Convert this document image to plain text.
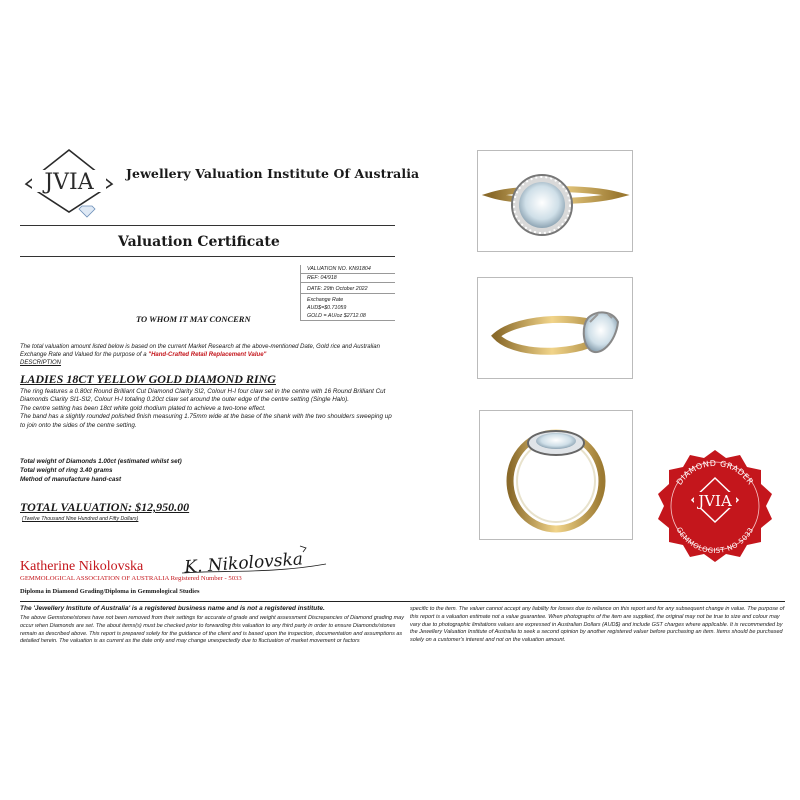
JVIA	Jewellery Valuation Institute Of Australia
Valuation Certificate
VALUATION NO. KN91804
REF: 04/918
DATE: 29th October 2022
Exchange Rate
AUD$=$0.71059
GOLD = AU/oz $2712.08
TO WHOM IT MAY CONCERN
The total valuation amount listed below is based on the current Market Research at the above-mentioned Date, Gold rice and Australian Exchange Rate and Valued for the purpose of a "Hand-Crafted Retail Replacement Value"
DESCRIPTION
LADIES 18CT YELLOW GOLD DIAMOND RING
The ring features a 0.80ct Round Brilliant Cut Diamond Clarity SI2, Colour H-I four claw set in the centre with 16 Round Brilliant Cut Diamonds Clarity SI1-SI2, Colour H-I totaling 0.20ct claw set around the outer edge of the centre setting (Single Halo).
The centre setting has been 18ct white gold rhodium plated to achieve a two-tone effect.
The band has a slightly rounded polished finish measuring 1.75mm wide at the base of the shank with the two shoulders sweeping up to join onto the sides of the centre setting.
Total weight of Diamonds 1.00ct (estimated whilst set)
Total weight of ring 3.40 grams
Method of manufacture hand-cast
TOTAL VALUATION: $12,950.00
(Twelve Thousand Nine Hundred and Fifty Dollars)
Katherine Nikolovska K. Nikolovska
GEMMOLOGICAL ASSOCIATION OF AUSTRALIA Registered Number - 5033
Diploma in Diamond Grading/Diploma in Gemmological Studies
The 'Jewellery Institute of Australia' is a registered business name and is not a registered institute.
The above Gemstone/stones have not been removed from their settings for accurate of grade and weight assessment Discrepancies of Diamond grading may occur when Diamonds are set. The about items(s) must be checked prior to forwarding this valuation to any third party in order to ensure Diamonds/stones remain as described above. This report is prepared solely for the guidance of the client and is based upon the inspection, documentation and assumptions as detailed herein. The valuation is as current as the date only and may change unexpectedly due to fluctuation of market movement or factors
specific to the item. The valuer cannot accept any liability for losses due to reliance on this report and for any subsequent change in value. The purpose of this report is a valuation estimate not a value guarantee. When photographs of the item are supplied, the original may not be true to size and colour may vary due to photographic limitations values are expressed in Australian Dollars (AUD$) and include GST charges where applicable. It is recommended by the Jewellery Valuation Institute of Australia to seek a second opinion by another registered valuer before purchasing an item. Items should be purchased solely on a customer's interest and not on the valuation amount.
DIAMOND GRADER
GEMMOLOGIST NO 5033
JVIA
